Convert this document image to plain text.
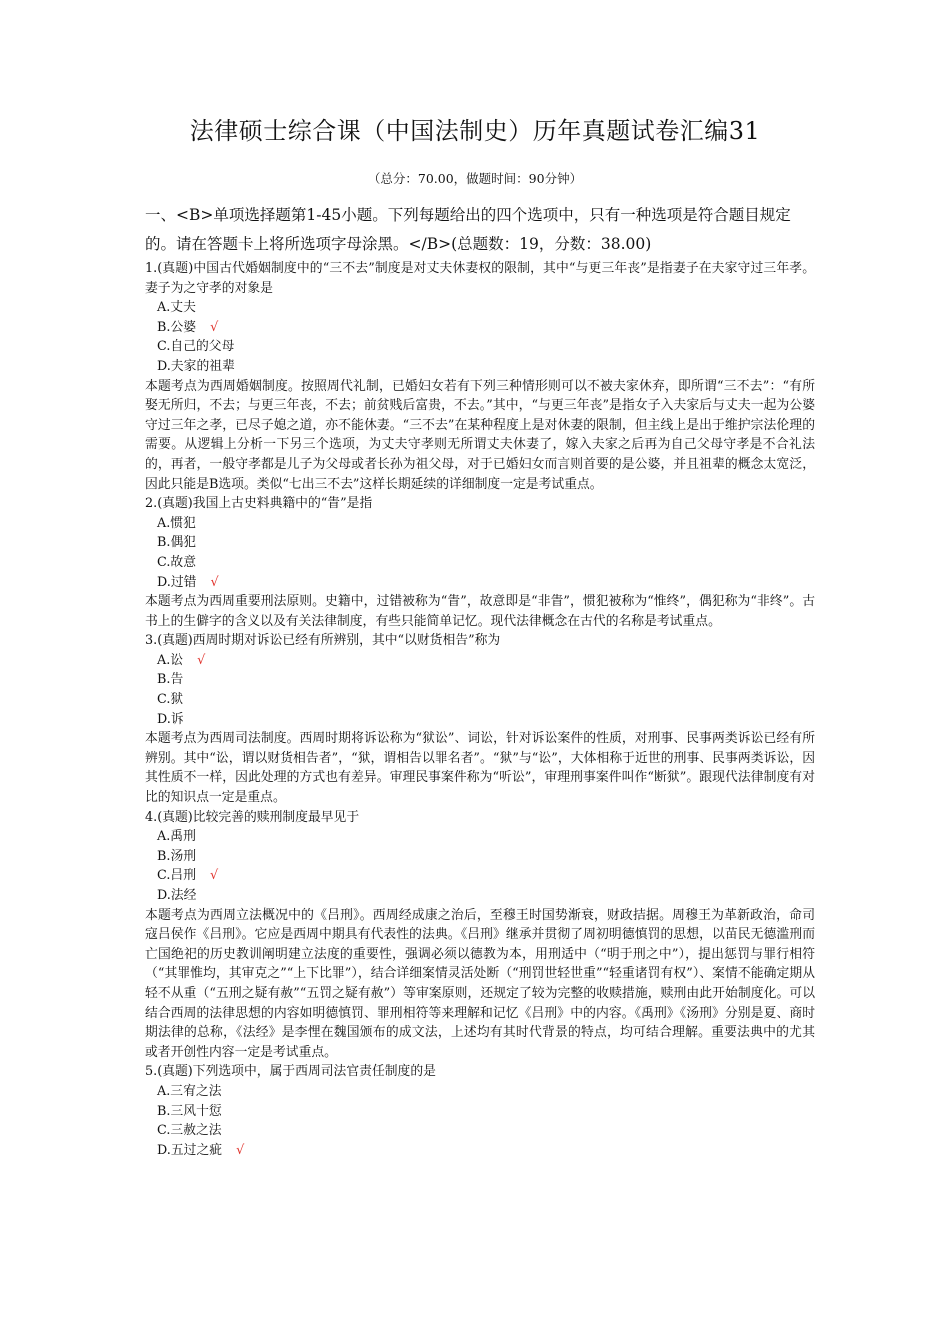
法律硕士综合课（中国法制史）历年真题试卷汇编31
（总分：70.00，做题时间：90分钟）
一、<B>单项选择题第1-45小题。下列每题给出的四个选项中，只有一种选项是符合题目规定的。请在答题卡上将所选项字母涂黑。</B>(总题数：19，分数：38.00)

1.(真题)中国古代婚姻制度中的“三不去”制度是对丈夫休妻权的限制，其中“与更三年丧”是指妻子在夫家守过三年孝。妻子为之守孝的对象是

A.丈夫
B.公婆 √
C.自己的父母
D.夫家的祖辈

本题考点为西周婚姻制度。按照周代礼制，已婚妇女若有下列三种情形则可以不被夫家休弃，即所谓“三不去”：“有所娶无所归，不去；与更三年丧，不去；前贫贱后富贵，不去。”其中，“与更三年丧”是指女子入夫家后与丈夫一起为公婆守过三年之孝，已尽子媳之道，亦不能休妻。“三不去”在某种程度上是对休妻的限制，但主线上是出于维护宗法伦理的需要。从逻辑上分析一下另三个选项，为丈夫守孝则无所谓丈夫休妻了，嫁入夫家之后再为自己父母守孝是不合礼法的，再者，一般守孝都是儿子为父母或者长孙为祖父母，对于已婚妇女而言则首要的是公婆，并且祖辈的概念太宽泛，因此只能是B选项。类似“七出三不去”这样长期延续的详细制度一定是考试重点。

2.(真题)我国上古史料典籍中的“眚”是指

A.惯犯
B.偶犯
C.故意
D.过错 √

本题考点为西周重要刑法原则。史籍中，过错被称为“眚”，故意即是“非眚”，惯犯被称为“惟终”，偶犯称为“非终”。古书上的生僻字的含义以及有关法律制度，有些只能简单记忆。现代法律概念在古代的名称是考试重点。

3.(真题)西周时期对诉讼已经有所辨别，其中“以财货相告”称为

A.讼 √
B.告
C.狱
D.诉

本题考点为西周司法制度。西周时期将诉讼称为“狱讼”、词讼，针对诉讼案件的性质，对刑事、民事两类诉讼已经有所辨别。其中“讼，谓以财货相告者”，“狱，谓相告以罪名者”。“狱”与“讼”，大体相称于近世的刑事、民事两类诉讼，因其性质不一样，因此处理的方式也有差异。审理民事案件称为“听讼”，审理刑事案件叫作“断狱”。跟现代法律制度有对比的知识点一定是重点。

4.(真题)比较完善的赎刑制度最早见于

A.禹刑
B.汤刑
C.吕刑 √
D.法经

本题考点为西周立法概况中的《吕刑》。西周经成康之治后，至穆王时国势渐衰，财政拮据。周穆王为革新政治，命司寇吕侯作《吕刑》。它应是西周中期具有代表性的法典。《吕刑》继承并贯彻了周初明德慎罚的思想，以苗民无德滥刑而亡国绝祀的历史教训阐明建立法度的重要性，强调必须以德教为本，用刑适中（“明于刑之中”），提出惩罚与罪行相符（“其罪惟均，其审克之”“上下比罪”），结合详细案情灵活处断（“刑罚世轻世重”“轻重诸罚有权”）、案情不能确定期从轻不从重（“五刑之疑有赦”“五罚之疑有赦”）等审案原则，还规定了较为完整的收赎措施，赎刑由此开始制度化。可以结合西周的法律思想的内容如明德慎罚、罪刑相符等来理解和记忆《吕刑》中的内容。《禹刑》《汤刑》分别是夏、商时期法律的总称，《法经》是李悝在魏国颁布的成文法，上述均有其时代背景的特点，均可结合理解。重要法典中的尤其或者开创性内容一定是考试重点。

5.(真题)下列选项中，属于西周司法官责任制度的是

A.三宥之法
B.三风十愆
C.三赦之法
D.五过之疵 √
